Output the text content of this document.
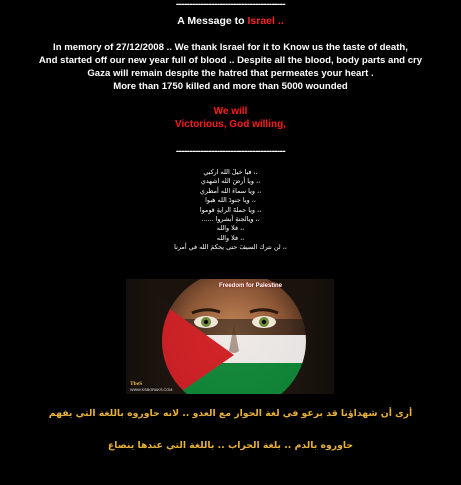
----------------------------------------
A Message to Israel ..
In memory of 27/12/2008 .. We thank Israel for it to Know us the taste of death,
And started off our new year full of blood .. Despite all the blood, body parts and cry
Gaza will remain despite the hatred that permeates your heart .
More than 1750 killed and more than 5000 wounded
We will
Victorious, God willing,
----------------------------------------
،، فيا خيلَ الله اركبي
،، ويا أرضَ الله اشهدي
،، ويا سماءَ الله أمطري
،، ويا جنودَ الله هبوا
،، ويا حملةَ الرايةِ قوموا
،، ويالجنةِ أبشروا ......
،، فلا والله
،، فلا والله
،، لن نترك السيفَ حتى يحكمَ الله في أمرنا
Freedom for Palestine
TbeS
WWW.KSBORAKS.COM
أرى أن شهداؤنا قد برعو في لغة الحوار مع العدو .. لانه حاوروه باللغة التي يفهم
حاوروه بالدم .. بلغة الحراب .. باللغة التي عندها ينصاع
